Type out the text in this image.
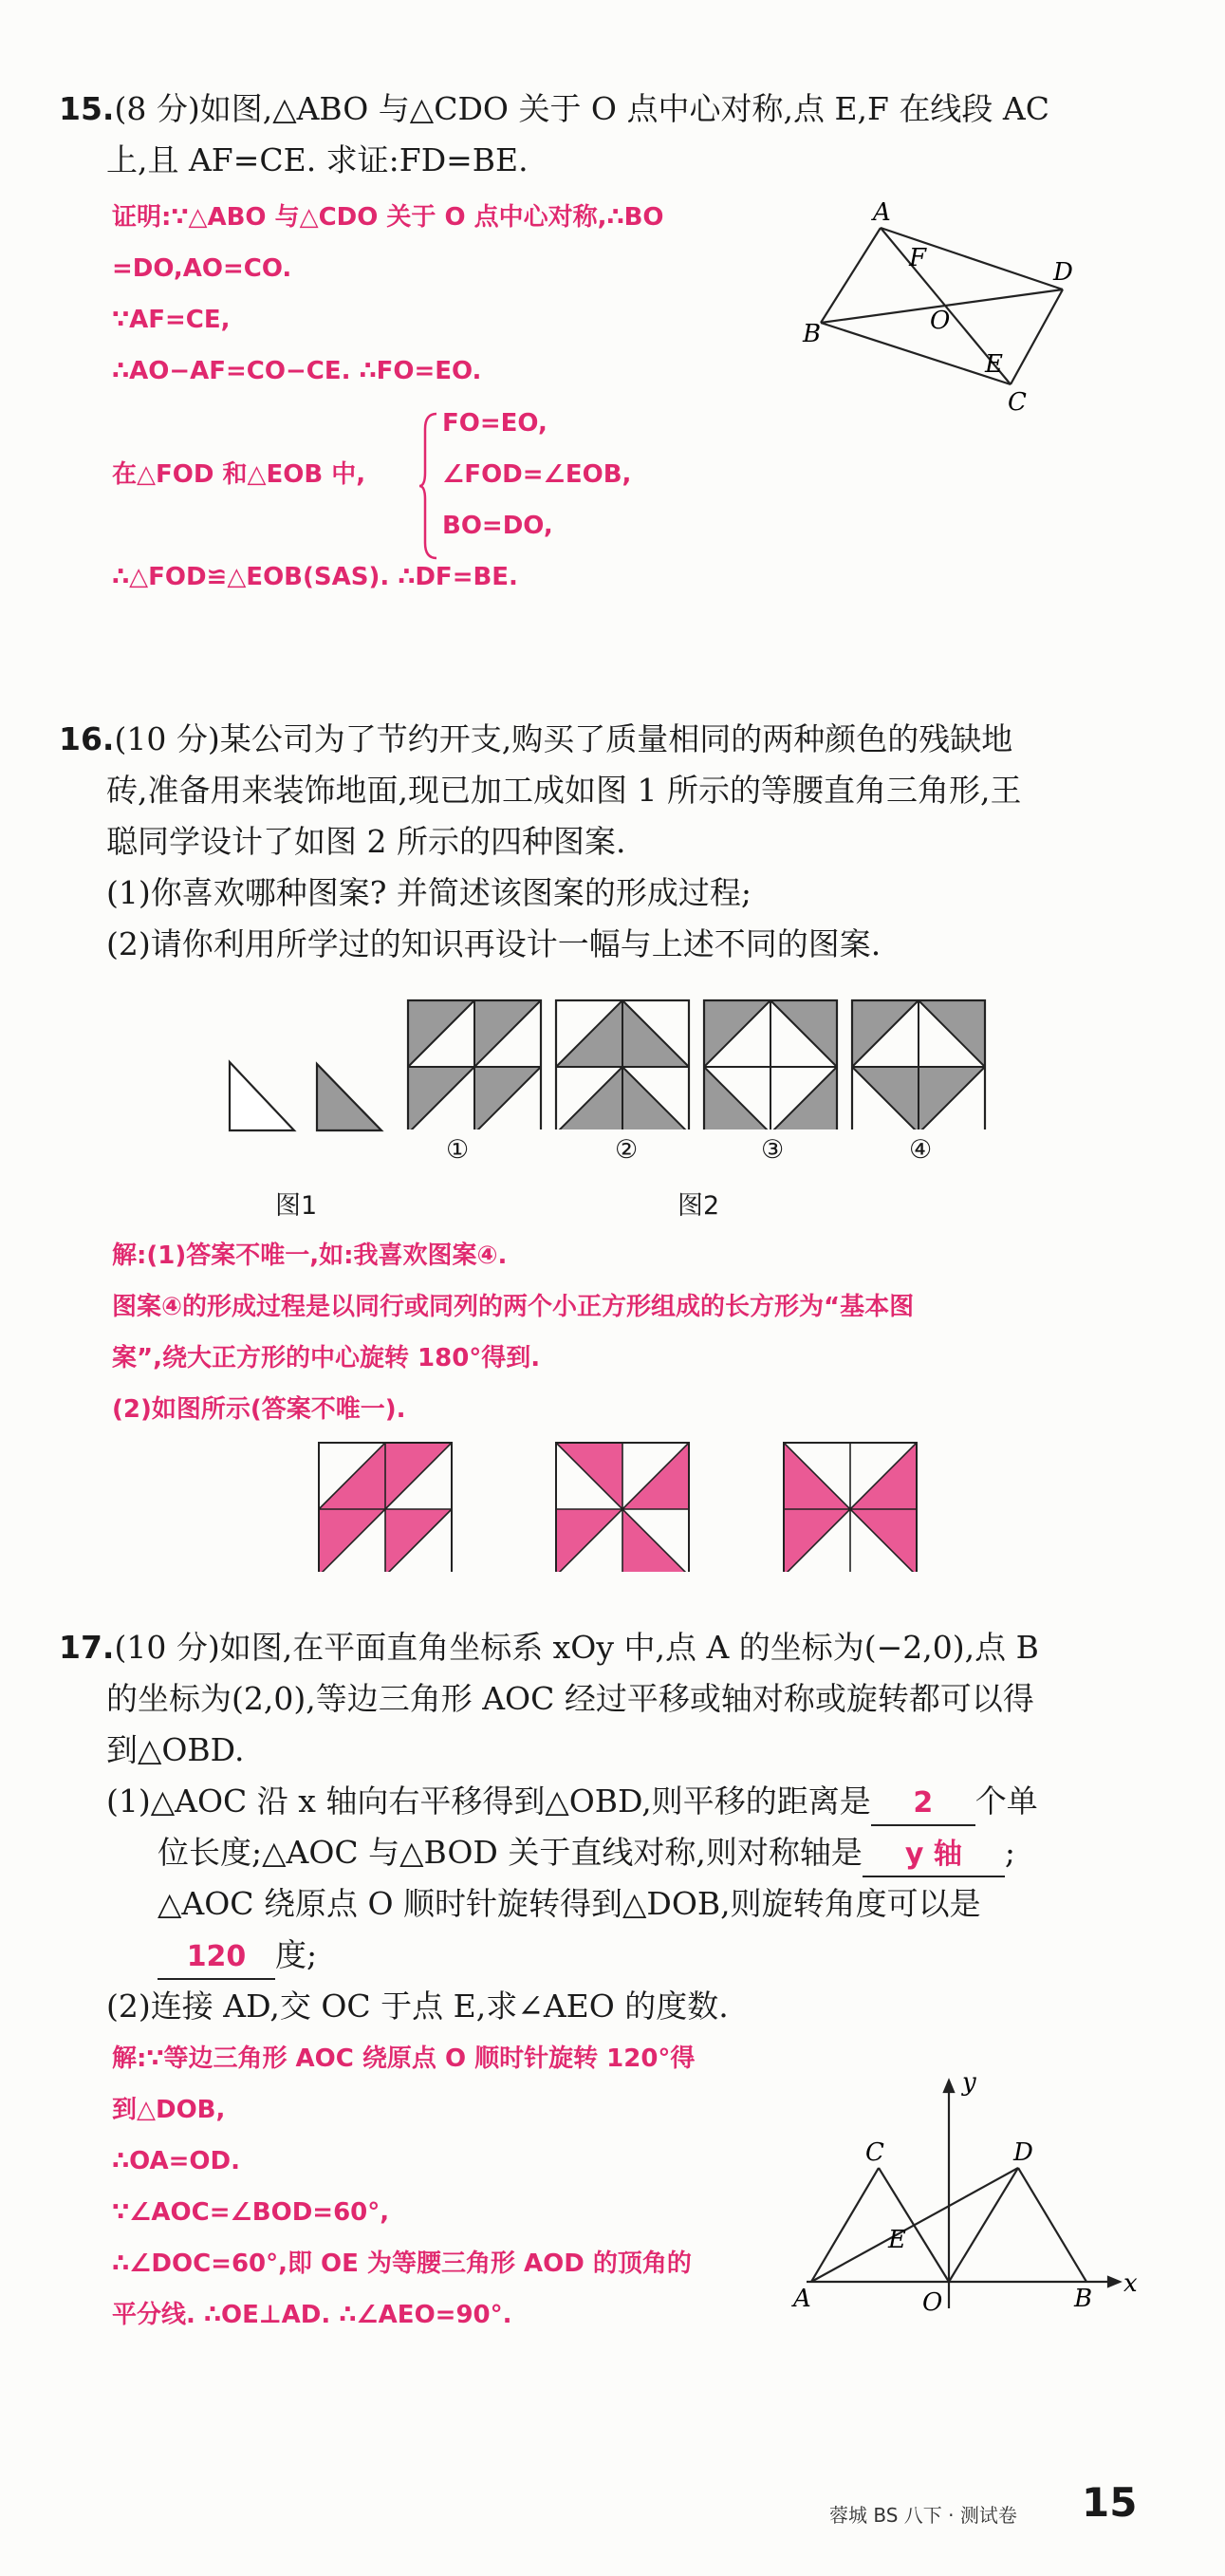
15.(8 分)如图,△ABO 与△CDO 关于 O 点中心对称,点 E,F 在线段 AC
上,且 AF=CE. 求证:FD=BE.
证明:∵△ABO 与△CDO 关于 O 点中心对称,∴BO
=DO,AO=CO.
∵AF=CE,
∴AO−AF=CO−CE. ∴FO=EO.
在△FOD 和△EOB 中,
FO=EO,
∠FOD=∠EOB,
BO=DO,
∴△FOD≌△EOB(SAS). ∴DF=BE.
A
B
D
C
O
F
E
16.(10 分)某公司为了节约开支,购买了质量相同的两种颜色的残缺地
砖,准备用来装饰地面,现已加工成如图 1 所示的等腰直角三角形,王
聪同学设计了如图 2 所示的四种图案.
(1)你喜欢哪种图案? 并简述该图案的形成过程;
(2)请你利用所学过的知识再设计一幅与上述不同的图案.
①	②	③	④
图1	图2
解:(1)答案不唯一,如:我喜欢图案④.
图案④的形成过程是以同行或同列的两个小正方形组成的长方形为“基本图
案”,绕大正方形的中心旋转 180°得到.
(2)如图所示(答案不唯一).
17.(10 分)如图,在平面直角坐标系 xOy 中,点 A 的坐标为(−2,0),点 B
的坐标为(2,0),等边三角形 AOC 经过平移或轴对称或旋转都可以得
到△OBD.
(1)△AOC 沿 x 轴向右平移得到△OBD,则平移的距离是 2 个单
位长度;△AOC 与△BOD 关于直线对称,则对称轴是 y 轴 ;
△AOC 绕原点 O 顺时针旋转得到△DOB,则旋转角度可以是
120 度;
(2)连接 AD,交 OC 于点 E,求∠AEO 的度数.
解:∵等边三角形 AOC 绕原点 O 顺时针旋转 120°得
到△DOB,
∴OA=OD.
∵∠AOC=∠BOD=60°,
∴∠DOC=60°,即 OE 为等腰三角形 AOD 的顶角的
平分线. ∴OE⊥AD. ∴∠AEO=90°.
A	O	B
C	D
E
x
y
蓉城 BS 八下 · 测试卷 15
